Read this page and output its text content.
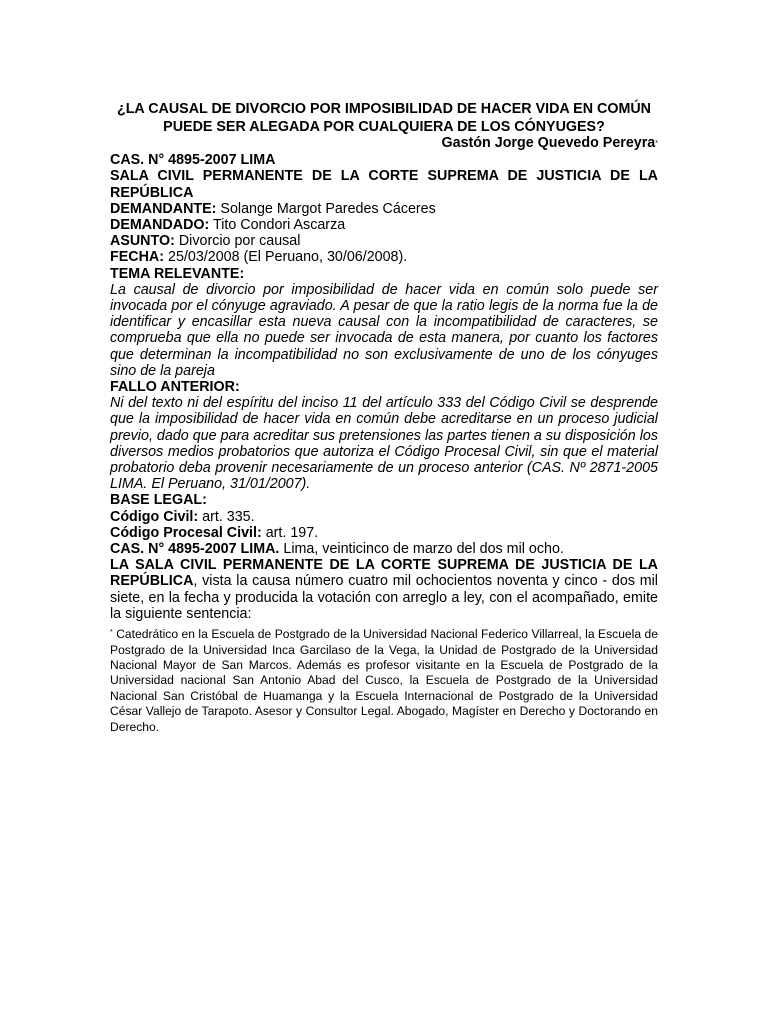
¿LA CAUSAL DE DIVORCIO POR IMPOSIBILIDAD DE HACER VIDA EN COMÚN PUEDE SER ALEGADA POR CUALQUIERA DE LOS CÓNYUGES?
Gastón Jorge Quevedo Pereyra*

CAS. N° 4895-2007 LIMA

SALA CIVIL PERMANENTE DE LA CORTE SUPREMA DE JUSTICIA DE LA REPÚBLICA

DEMANDANTE: Solange Margot Paredes Cáceres

DEMANDADO: Tito Condori Ascarza

ASUNTO: Divorcio por causal

FECHA: 25/03/2008 (El Peruano, 30/06/2008).

TEMA RELEVANTE:

La causal de divorcio por imposibilidad de hacer vida en común solo puede ser invocada por el cónyuge agraviado. A pesar de que la ratio legis de la norma fue la de identificar y encasillar esta nueva causal con la incompatibilidad de caracteres, se comprueba que ella no puede ser invocada de esta manera, por cuanto los factores que determinan la incompatibilidad no son exclusivamente de uno de los cónyuges sino de la pareja

FALLO ANTERIOR:

Ni del texto ni del espíritu del inciso 11 del artículo 333 del Código Civil se desprende que la imposibilidad de hacer vida en común debe acreditarse en un proceso judicial previo, dado que para acreditar sus pretensiones las partes tienen a su disposición los diversos medios probatorios que autoriza el Código Procesal Civil, sin que el material probatorio deba provenir necesariamente de un proceso anterior (CAS. Nº 2871-2005 LIMA. El Peruano, 31/01/2007).

BASE LEGAL:

Código Civil: art. 335.

Código Procesal Civil: art. 197.

CAS. N° 4895-2007 LIMA. Lima, veinticinco de marzo del dos mil ocho.

LA SALA CIVIL PERMANENTE DE LA CORTE SUPREMA DE JUSTICIA DE LA REPÚBLICA, vista la causa número cuatro mil ochocientos noventa y cinco - dos mil siete, en la fecha y producida la votación con arreglo a ley, con el acompañado, emite la siguiente sentencia:

* Catedrático en la Escuela de Postgrado de la Universidad Nacional Federico Villarreal, la Escuela de Postgrado de la Universidad Inca Garcilaso de la Vega, la Unidad de Postgrado de la Universidad Nacional Mayor de San Marcos. Además es profesor visitante en la Escuela de Postgrado de la Universidad nacional San Antonio Abad del Cusco, la Escuela de Postgrado de la Universidad Nacional San Cristóbal de Huamanga y la Escuela Internacional de Postgrado de la Universidad César Vallejo de Tarapoto. Asesor y Consultor Legal. Abogado, Magíster en Derecho y Doctorando en Derecho.
